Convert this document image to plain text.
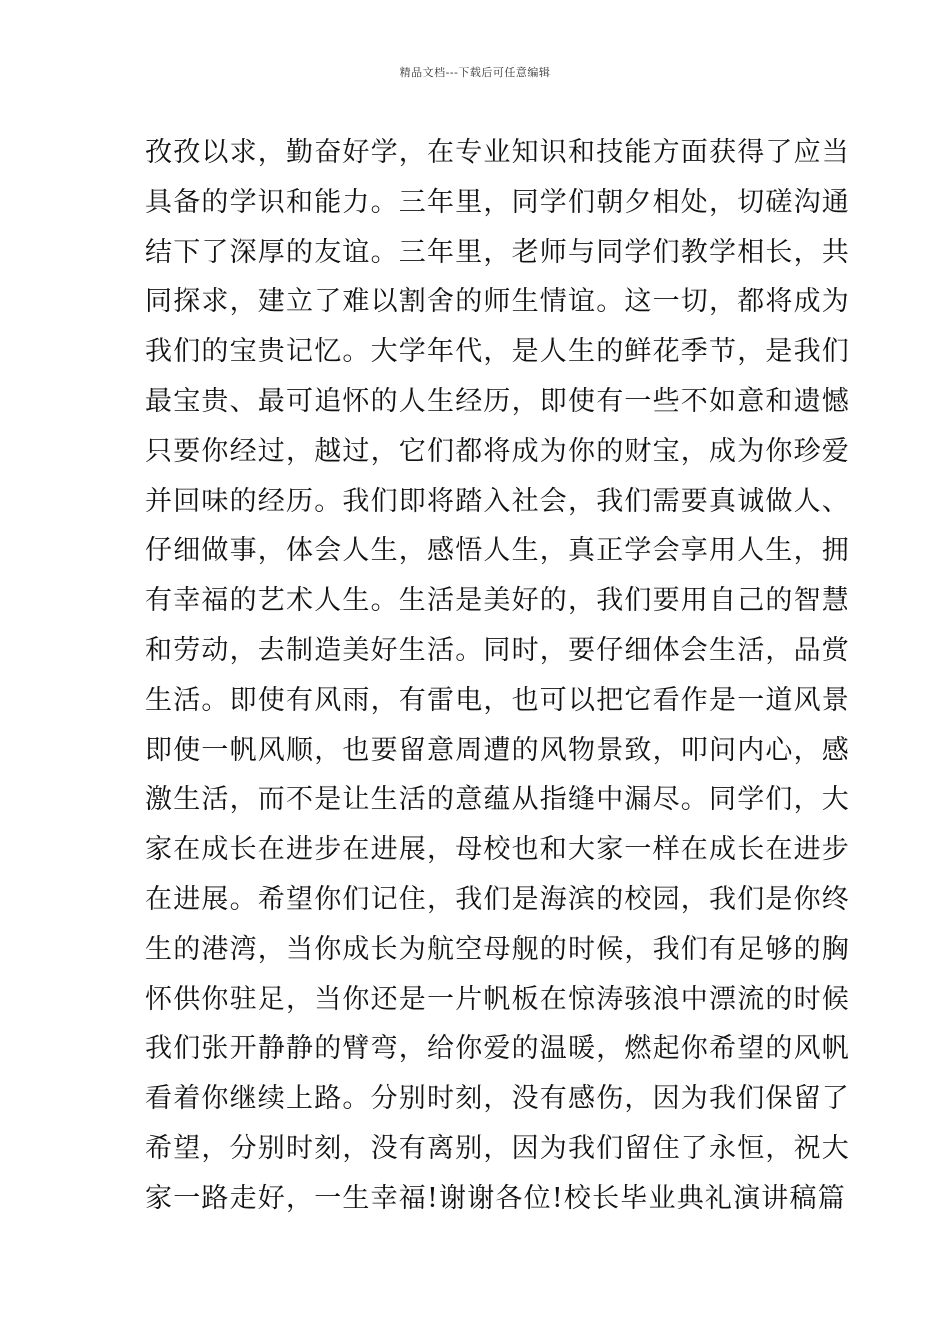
精品文档---下载后可任意编辑
孜孜以求，勤奋好学，在专业知识和技能方面获得了应当
具备的学识和能力。三年里，同学们朝夕相处，切磋沟通
结下了深厚的友谊。三年里，老师与同学们教学相长，共
同探求，建立了难以割舍的师生情谊。这一切，都将成为
我们的宝贵记忆。大学年代，是人生的鲜花季节，是我们
最宝贵、最可追怀的人生经历，即使有一些不如意和遗憾
只要你经过，越过，它们都将成为你的财宝，成为你珍爱
并回味的经历。我们即将踏入社会，我们需要真诚做人、
仔细做事，体会人生，感悟人生，真正学会享用人生，拥
有幸福的艺术人生。生活是美好的，我们要用自己的智慧
和劳动，去制造美好生活。同时，要仔细体会生活，品赏
生活。即使有风雨，有雷电，也可以把它看作是一道风景
即使一帆风顺，也要留意周遭的风物景致，叩问内心，感
激生活，而不是让生活的意蕴从指缝中漏尽。同学们，大
家在成长在进步在进展，母校也和大家一样在成长在进步
在进展。希望你们记住，我们是海滨的校园，我们是你终
生的港湾，当你成长为航空母舰的时候，我们有足够的胸
怀供你驻足，当你还是一片帆板在惊涛骇浪中漂流的时候
我们张开静静的臂弯，给你爱的温暖，燃起你希望的风帆
看着你继续上路。分别时刻，没有感伤，因为我们保留了
希望，分别时刻，没有离别，因为我们留住了永恒，祝大
家一路走好，一生幸福!谢谢各位!校长毕业典礼演讲稿篇
